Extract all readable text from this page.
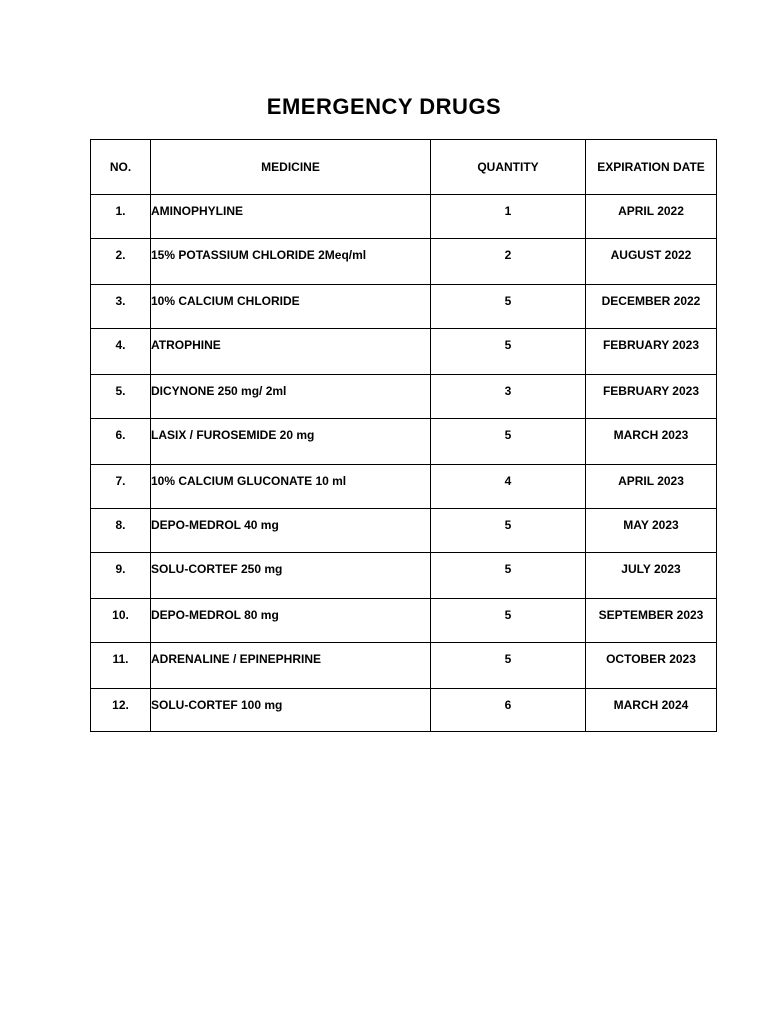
EMERGENCY DRUGS
NO.	MEDICINE	QUANTITY	EXPIRATION DATE
1.	AMINOPHYLINE	1	APRIL 2022
2.	15% POTASSIUM CHLORIDE 2Meq/ml	2	AUGUST 2022
3.	10% CALCIUM CHLORIDE	5	DECEMBER 2022
4.	ATROPHINE	5	FEBRUARY 2023
5.	DICYNONE 250 mg/ 2ml	3	FEBRUARY 2023
6.	LASIX / FUROSEMIDE 20 mg	5	MARCH 2023
7.	10% CALCIUM GLUCONATE 10 ml	4	APRIL 2023
8.	DEPO-MEDROL 40 mg	5	MAY 2023
9.	SOLU-CORTEF 250 mg	5	JULY 2023
10.	DEPO-MEDROL 80 mg	5	SEPTEMBER 2023
11.	ADRENALINE / EPINEPHRINE	5	OCTOBER 2023
12.	SOLU-CORTEF 100 mg	6	MARCH 2024
